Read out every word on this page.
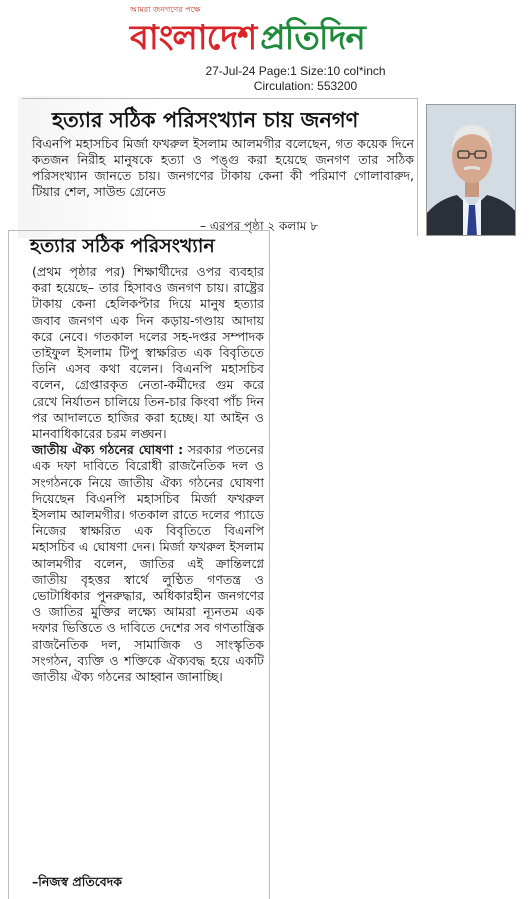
আমরা জনগণের পক্ষে
বাংলাদেশ প্রতিদিন
27-Jul-24 Page:1 Size:10 col*inch
Circulation: 553200
হত্যার সঠিক পরিসংখ্যান চায় জনগণ
বিএনপি মহাসচিব মির্জা ফখরুল ইসলাম আলমগীর বলেছেন, গত কয়েক দিনে কতজন নিরীহ মানুষকে হত্যা ও পঙ্গু করা হয়েছে জনগণ তার সঠিক পরিসংখ্যান জানতে চায়। জনগণের টাকায় কেনা কী পরিমাণ গোলাবারুদ, টিয়ার শেল, সাউন্ড গ্রেনেড
– এরপর পৃষ্ঠা ২ কলাম ৮
হত্যার সঠিক পরিসংখ্যান

(প্রথম পৃষ্ঠার পর) শিক্ষার্থীদের ওপর ব্যবহার করা হয়েছে– তার হিসাবও জনগণ চায়। রাষ্ট্রের টাকায় কেনা হেলিকপ্টার দিয়ে মানুষ হত্যার জবাব জনগণ এক দিন কড়ায়-গণ্ডায় আদায় করে নেবে। গতকাল দলের সহ-দপ্তর সম্পাদক তাইফুল ইসলাম টিপু স্বাক্ষরিত এক বিবৃতিতে তিনি এসব কথা বলেন। বিএনপি মহাসচিব বলেন, গ্রেপ্তারকৃত নেতা-কর্মীদের গুম করে রেখে নির্যাতন চালিয়ে তিন-চার কিংবা পাঁচ দিন পর আদালতে হাজির করা হচ্ছে। যা আইন ও মানবাধিকারের চরম লঙ্ঘন।

জাতীয় ঐক্য গঠনের ঘোষণা : সরকার পতনের এক দফা দাবিতে বিরোধী রাজনৈতিক দল ও সংগঠনকে নিয়ে জাতীয় ঐক্য গঠনের ঘোষণা দিয়েছেন বিএনপি মহাসচিব মির্জা ফখরুল ইসলাম আলমগীর। গতকাল রাতে দলের প্যাডে নিজের স্বাক্ষরিত এক বিবৃতিতে বিএনপি মহাসচিব এ ঘোষণা দেন। মির্জা ফখরুল ইসলাম আলমগীর বলেন, জাতির এই ক্রান্তিলগ্নে জাতীয় বৃহত্তর স্বার্থে লুণ্ঠিত গণতন্ত্র ও ভোটাধিকার পুনরুদ্ধার, অধিকারহীন জনগণের ও জাতির মুক্তির লক্ষ্যে আমরা ন্যূনতম এক দফার ভিত্তিতে ও দাবিতে দেশের সব গণতান্ত্রিক রাজনৈতিক দল, সামাজিক ও সাংস্কৃতিক সংগঠন, ব্যক্তি ও শক্তিকে ঐক্যবদ্ধ হয়ে একটি জাতীয় ঐক্য গঠনের আহ্বান জানাচ্ছি।

–নিজস্ব প্রতিবেদক
